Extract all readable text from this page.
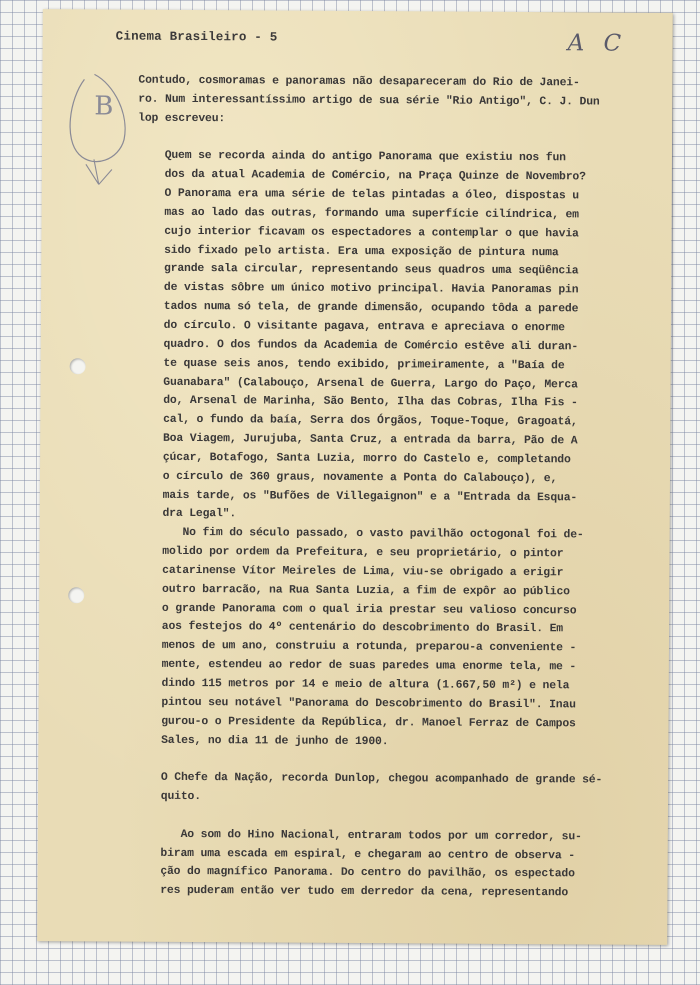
Cinema Brasileiro - 5	A C
B
Contudo, cosmoramas e panoramas não desapareceram do Rio de Janei-
ro. Num interessantíssimo artigo de sua série "Rio Antigo", C. J. Dun
lop escreveu:

Quem se recorda ainda do antigo Panorama que existiu nos fun
dos da atual Academia de Comércio, na Praça Quinze de Novembro?
O Panorama era uma série de telas pintadas a óleo, dispostas u
mas ao lado das outras, formando uma superfície cilíndrica, em
cujo interior ficavam os espectadores a contemplar o que havia
sido fixado pelo artista. Era uma exposição de pintura numa
grande sala circular, representando seus quadros uma seqüência
de vistas sôbre um único motivo principal. Havia Panoramas pin
tados numa só tela, de grande dimensão, ocupando tôda a parede
do círculo. O visitante pagava, entrava e apreciava o enorme
quadro. O dos fundos da Academia de Comércio estêve ali duran-
te quase seis anos, tendo exibido, primeiramente, a "Baía de
Guanabara" (Calabouço, Arsenal de Guerra, Largo do Paço, Merca
do, Arsenal de Marinha, São Bento, Ilha das Cobras, Ilha Fis -
cal, o fundo da baía, Serra dos Órgãos, Toque-Toque, Gragoatá,
Boa Viagem, Jurujuba, Santa Cruz, a entrada da barra, Pão de A
çúcar, Botafogo, Santa Luzia, morro do Castelo e, completando
o círculo de 360 graus, novamente a Ponta do Calabouço), e,
mais tarde, os "Bufões de Villegaignon" e a "Entrada da Esqua-
dra Legal".
No fim do século passado, o vasto pavilhão octogonal foi de-
molido por ordem da Prefeitura, e seu proprietário, o pintor
catarinense Vítor Meireles de Lima, viu-se obrigado a erigir
outro barracão, na Rua Santa Luzia, a fim de expôr ao público
o grande Panorama com o qual iria prestar seu valioso concurso
aos festejos do 4º centenário do descobrimento do Brasil. Em
menos de um ano, construiu a rotunda, preparou-a conveniente -
mente, estendeu ao redor de suas paredes uma enorme tela, me -
dindo 115 metros por 14 e meio de altura (1.667,50 m²) e nela
pintou seu notável "Panorama do Descobrimento do Brasil". Inau
gurou-o o Presidente da República, dr. Manoel Ferraz de Campos
Sales, no dia 11 de junho de 1900.

O Chefe da Nação, recorda Dunlop, chegou acompanhado de grande sé-
quito.

Ao som do Hino Nacional, entraram todos por um corredor, su-
biram uma escada em espiral, e chegaram ao centro de observa -
ção do magnífico Panorama. Do centro do pavilhão, os espectado
res puderam então ver tudo em derredor da cena, representando
